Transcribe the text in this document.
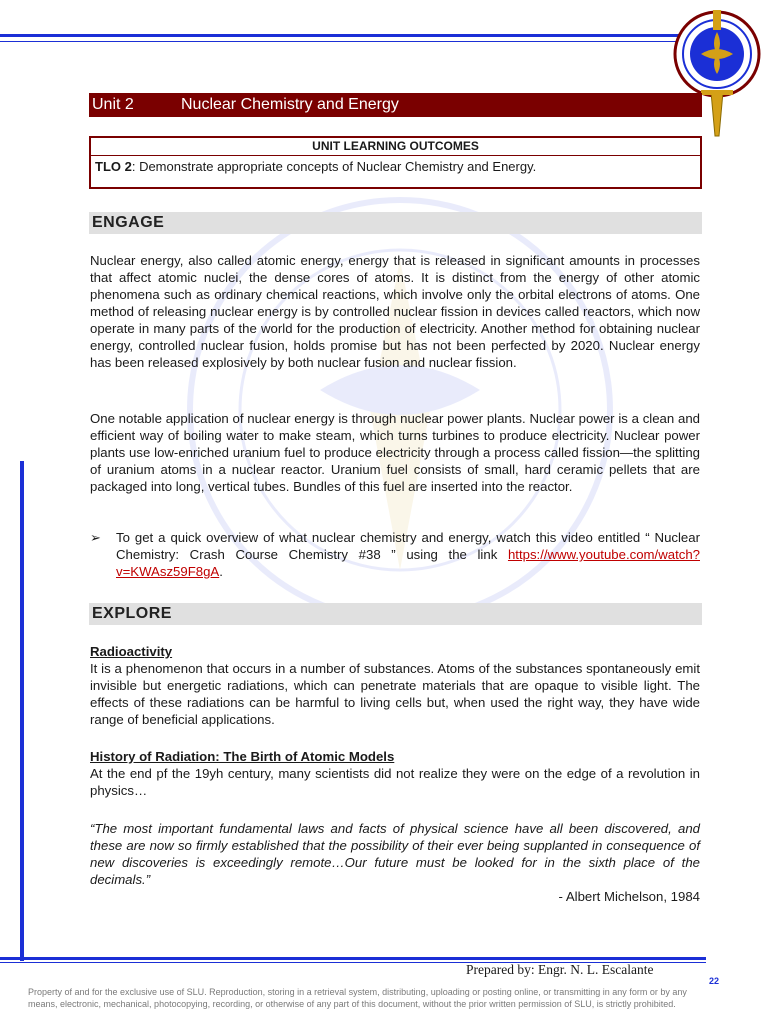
Unit 2	Nuclear Chemistry and Energy
UNIT LEARNING OUTCOMES
TLO 2: Demonstrate appropriate concepts of Nuclear Chemistry and Energy.
ENGAGE

Nuclear energy, also called atomic energy, energy that is released in significant amounts in processes that affect atomic nuclei, the dense cores of atoms. It is distinct from the energy of other atomic phenomena such as ordinary chemical reactions, which involve only the orbital electrons of atoms. One method of releasing nuclear energy is by controlled nuclear fission in devices called reactors, which now operate in many parts of the world for the production of electricity. Another method for obtaining nuclear energy, controlled nuclear fusion, holds promise but has not been perfected by 2020. Nuclear energy has been released explosively by both nuclear fusion and nuclear fission.

One notable application of nuclear energy is through nuclear power plants. Nuclear power is a clean and efficient way of boiling water to make steam, which turns turbines to produce electricity. Nuclear power plants use low-enriched uranium fuel to produce electricity through a process called fission—the splitting of uranium atoms in a nuclear reactor. Uranium fuel consists of small, hard ceramic pellets that are packaged into long, vertical tubes. Bundles of this fuel are inserted into the reactor.

➢ To get a quick overview of what nuclear chemistry and energy, watch this video entitled “ Nuclear Chemistry: Crash Course Chemistry #38 ” using the link https://www.youtube.com/watch?v=KWAsz59F8gA.
EXPLORE
Radioactivity

It is a phenomenon that occurs in a number of substances. Atoms of the substances spontaneously emit invisible but energetic radiations, which can penetrate materials that are opaque to visible light. The effects of these radiations can be harmful to living cells but, when used the right way, they have wide range of beneficial applications.

History of Radiation: The Birth of Atomic Models

At the end pf the 19yh century, many scientists did not realize they were on the edge of a revolution in physics…

“The most important fundamental laws and facts of physical science have all been discovered, and these are now so firmly established that the possibility of their ever being supplanted in consequence of new discoveries is exceedingly remote…Our future must be looked for in the sixth place of the decimals.”
- Albert Michelson, 1984
Prepared by: Engr. N. L. Escalante
22
Property of and for the exclusive use of SLU. Reproduction, storing in a retrieval system, distributing, uploading or posting online, or transmitting in any form or by any means, electronic, mechanical, photocopying, recording, or otherwise of any part of this document, without the prior written permission of SLU, is strictly prohibited.
